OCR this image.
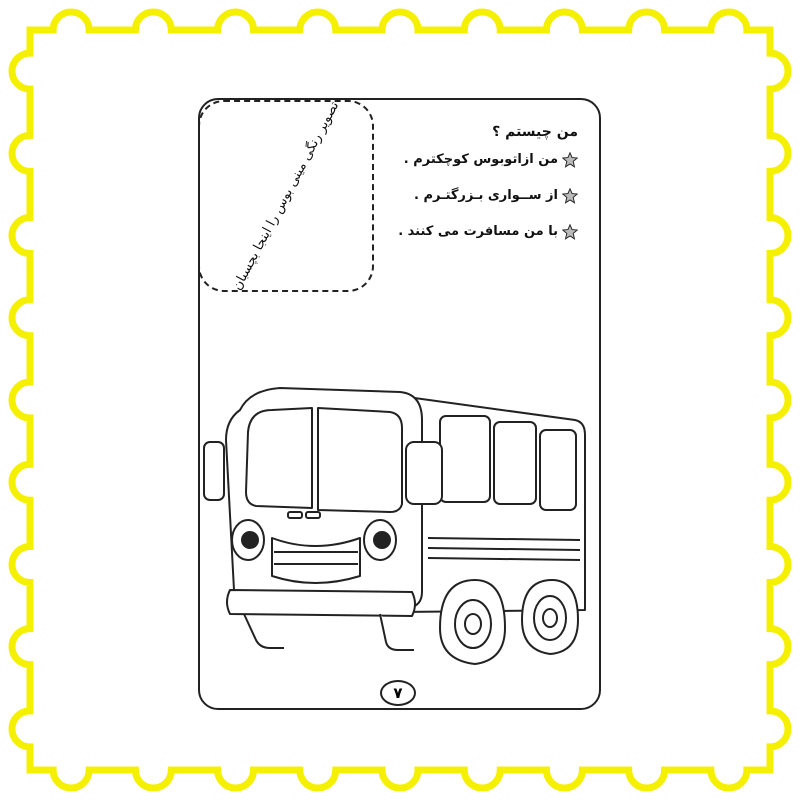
تصویر رنگی مینی بوس را اینجا بچسبان	من چیستم ؟
من ازاتوبوس کوچکترم .
از ســواری بـزرگتـرم .
با من مسافرت می کنند .
۷
